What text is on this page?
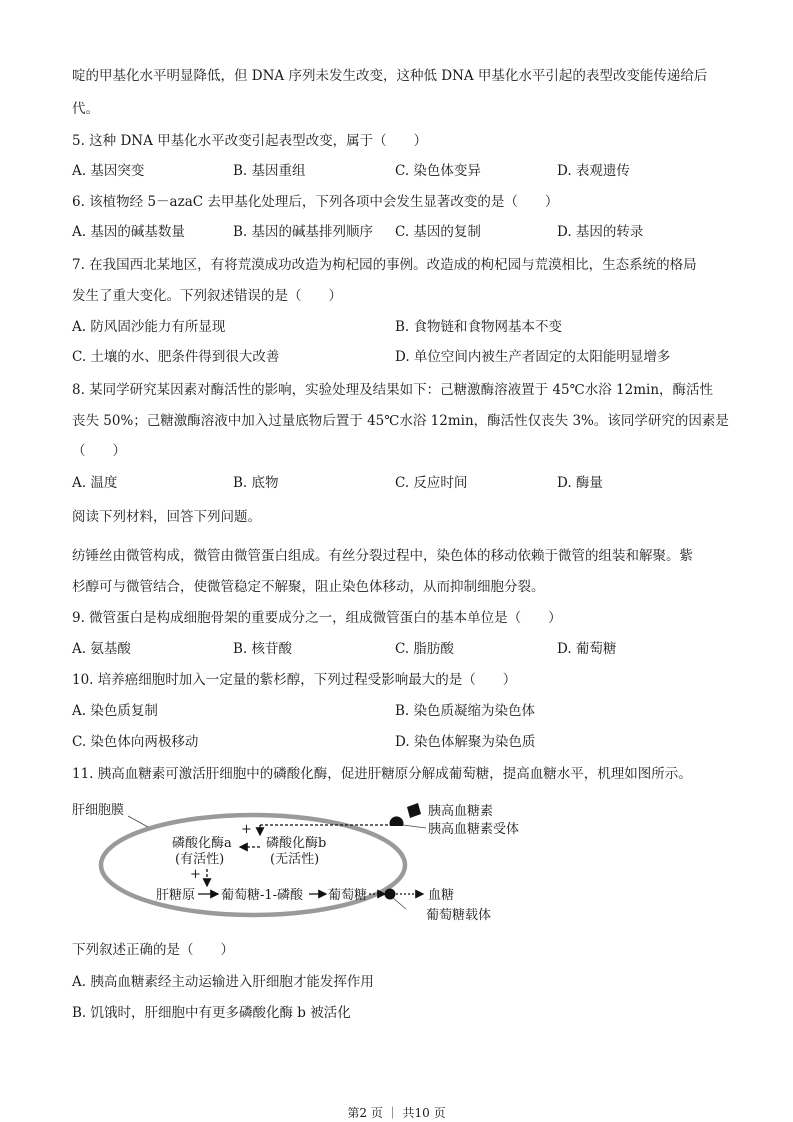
啶的甲基化水平明显降低，但 DNA 序列未发生改变，这种低 DNA 甲基化水平引起的表型改变能传递给后
代。
5. 这种 DNA 甲基化水平改变引起表型改变，属于（　　）
A. 基因突变	B. 基因重组	C. 染色体变异	D. 表观遗传
6. 该植物经 5－azaC 去甲基化处理后，下列各项中会发生显著改变的是（　　）
A. 基因的碱基数量	B. 基因的碱基排列顺序 C. 基因的复制	D. 基因的转录
7. 在我国西北某地区，有将荒漠成功改造为枸杞园的事例。改造成的枸杞园与荒漠相比，生态系统的格局
发生了重大变化。下列叙述错误的是（　　）
A. 防风固沙能力有所显现	B. 食物链和食物网基本不变
C. 土壤的水、肥条件得到很大改善	D. 单位空间内被生产者固定的太阳能明显增多
8. 某同学研究某因素对酶活性的影响，实验处理及结果如下：己糖激酶溶液置于 45℃水浴 12min，酶活性
丧失 50%；己糖激酶溶液中加入过量底物后置于 45℃水浴 12min，酶活性仅丧失 3%。该同学研究的因素是
（　　）
A. 温度	B. 底物	C. 反应时间	D. 酶量
阅读下列材料，回答下列问题。
纺锤丝由微管构成，微管由微管蛋白组成。有丝分裂过程中，染色体的移动依赖于微管的组装和解聚。紫
杉醇可与微管结合，使微管稳定不解聚，阻止染色体移动，从而抑制细胞分裂。
9. 微管蛋白是构成细胞骨架的重要成分之一，组成微管蛋白的基本单位是（　　）
A. 氨基酸	B. 核苷酸	C. 脂肪酸	D. 葡萄糖
10. 培养癌细胞时加入一定量的紫杉醇，下列过程受影响最大的是（　　）
A. 染色质复制	B. 染色质凝缩为染色体
C. 染色体向两极移动	D. 染色体解聚为染色质
11. 胰高血糖素可激活肝细胞中的磷酸化酶，促进肝糖原分解成葡萄糖，提高血糖水平，机理如图所示。
肝细胞膜	胰高血糖素
胰高血糖素受体
+
磷酸化酶a
(有活性)
磷酸化酶b
(无活性)
+
肝糖原 葡萄糖-1-磷酸 葡萄糖	血糖
葡萄糖载体
下列叙述正确的是（　　）
A. 胰高血糖素经主动运输进入肝细胞才能发挥作用
B. 饥饿时，肝细胞中有更多磷酸化酶 b 被活化
第2 页 ｜ 共10 页
